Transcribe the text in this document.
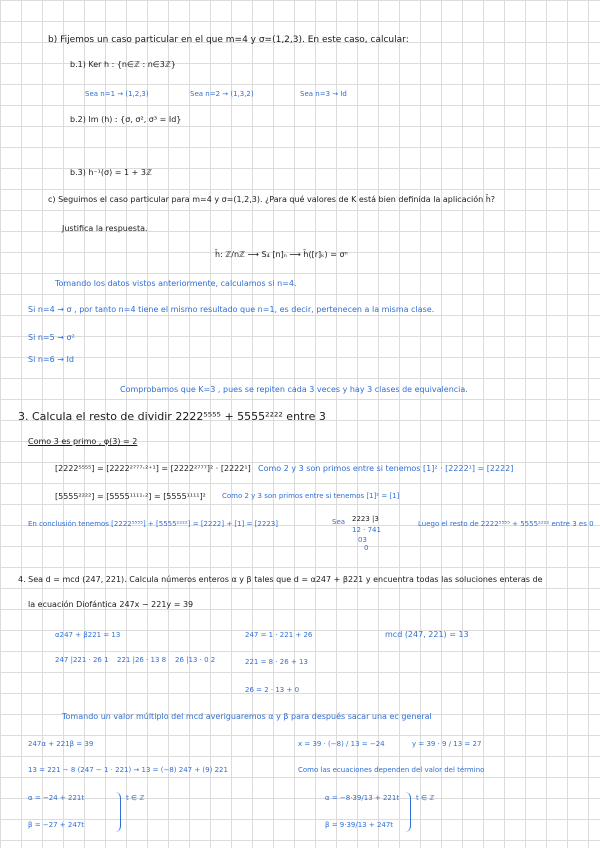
b) Fijemos un caso particular en el que m=4 y σ=(1,2,3). En este caso, calcular:
b.1) Ker h : {n∈ℤ : n∈3ℤ}
Sea n=1 → (1,2,3)	Sea n=2 → (1,3,2)	Sea n=3 → Id
b.2) Im (h) : {σ, σ², σ³ = Id}
b.3) h⁻¹(σ) = 1 + 3ℤ
c) Seguimos el caso particular para m=4 y σ=(1,2,3). ¿Para qué valores de K está bien definida la aplicación h̄?
Justifica la respuesta.
h̄: ℤ/nℤ ⟶ S₄ [n]ₙ ⟶ h̄([r]ₖ) = σⁿ
Tomando los datos vistos anteriormente, calculamos si n=4.
Si n=4 → σ , por tanto n=4 tiene el mismo resultado que n=1, es decir, pertenecen a la misma clase.
Si n=5 → σ²
Si n=6 → Id
Comprobamos que K=3 , pues se repiten cada 3 veces y hay 3 clases de equivalencia.
3. Calcula el resto de dividir 2222⁵⁵⁵⁵ + 5555²²²² entre 3
Como 3 es primo , φ(3) = 2
[2222⁵⁵⁵⁵] = [2222²⁷⁷⁷·²⁺¹] = [2222²⁷⁷⁷]² · [2222¹] Como 2 y 3 son primos entre si tenemos [1]² · [2222¹] = [2222]
[5555²²²²] = [5555¹¹¹¹·²] = [5555¹¹¹¹]² Como 2 y 3 son primos entre si tenemos [1]² = [1]
En conclusión tenemos [2222⁵⁵⁵⁵] + [5555²²²²] = [2222] + [1] = [2223]	Sea 2223 |3
12 · 741
03
0
Luego el resto de 2222⁵⁵⁵⁵ + 5555²²²² entre 3 es 0
4. Sea d = mcd (247, 221). Calcula números enteros α y β tales que d = α247 + β221 y encuentra todas las soluciones enteras de
la ecuación Diofántica 247x − 221y = 39
α247 + β221 = 13	247 = 1 · 221 + 26	mcd (247, 221) = 13
247 |221 · 26 1 221 |26 · 13 8 26 |13 · 0 2	221 = 8 · 26 + 13
26 = 2 · 13 + 0
Tomando un valor múltiplo del mcd averiguaremos α y β para después sacar una ec general
247α + 221β = 39	x = 39 · (−8) / 13 = −24	y = 39 · 9 / 13 = 27
13 = 221 − 8 (247 − 1 · 221) → 13 = (−8) 247 + (9) 221	Como las ecuaciones dependen del valor del término
α = −24 + 221t
β = −27 + 247t
t ∈ ℤ	α = −8·39/13 + 221t
β = 9·39/13 + 247t
t ∈ ℤ
